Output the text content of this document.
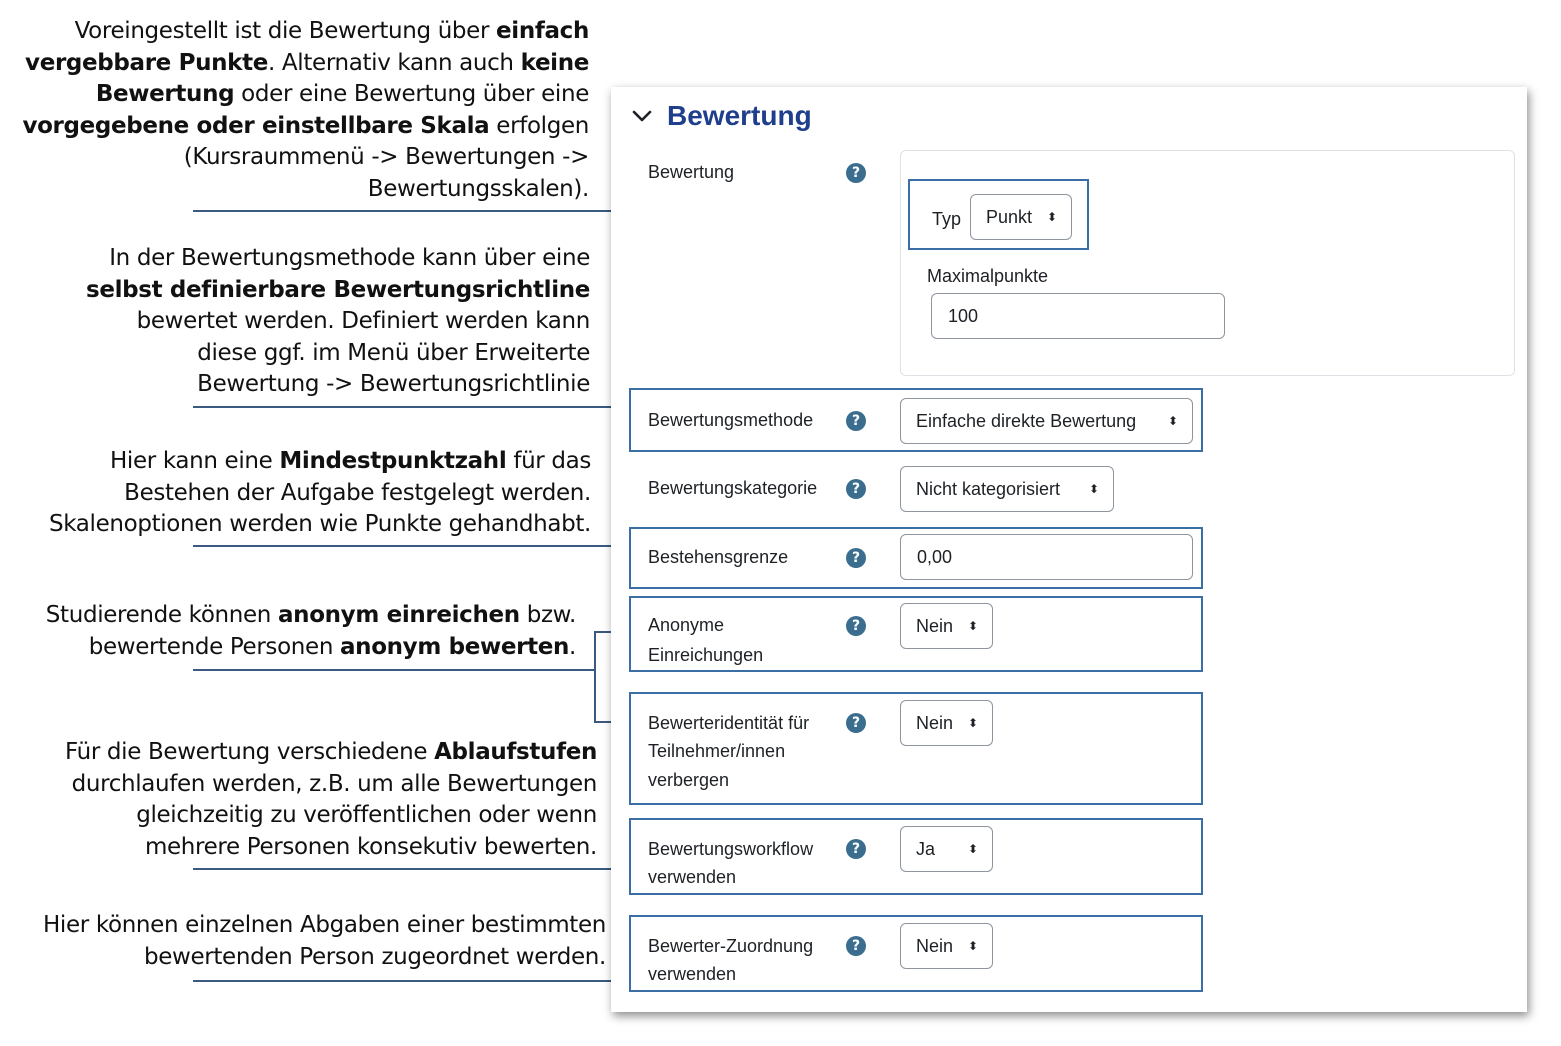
Voreingestellt ist die Bewertung über einfach
vergebbare Punkte. Alternativ kann auch keine
Bewertung oder eine Bewertung über eine
vorgegebene oder einstellbare Skala erfolgen
(Kursraummenü -> Bewertungen ->
Bewertungsskalen).
In der Bewertungsmethode kann über eine
selbst definierbare Bewertungsrichtline
bewertet werden. Definiert werden kann
diese ggf. im Menü über Erweiterte
Bewertung -> Bewertungsrichtlinie
Hier kann eine Mindestpunktzahl für das
Bestehen der Aufgabe festgelegt werden.
Skalenoptionen werden wie Punkte gehandhabt.
Studierende können anonym einreichen bzw.
bewertende Personen anonym bewerten.
Für die Bewertung verschiedene Ablaufstufen
durchlaufen werden, z.B. um alle Bewertungen
gleichzeitig zu veröffentlichen oder wenn
mehrere Personen konsekutiv bewerten.
Hier können einzelnen Abgaben einer bestimmten
bewertenden Person zugeordnet werden.
Bewertung
Bewertung	?
Typ Punkt ⬍
Maximalpunkte
100
Bewertungsmethode	?	Einfache direkte Bewertung	⬍
Bewertungskategorie	?	Nicht kategorisiert ⬍
Bestehensgrenze	?	0,00
Anonyme
Einreichungen
?	Nein ⬍
Bewerteridentität für
Teilnehmer/innen
verbergen
?	Nein ⬍
Bewertungsworkflow
verwenden
?	Ja	⬍
Bewerter-Zuordnung
verwenden
?	Nein ⬍
